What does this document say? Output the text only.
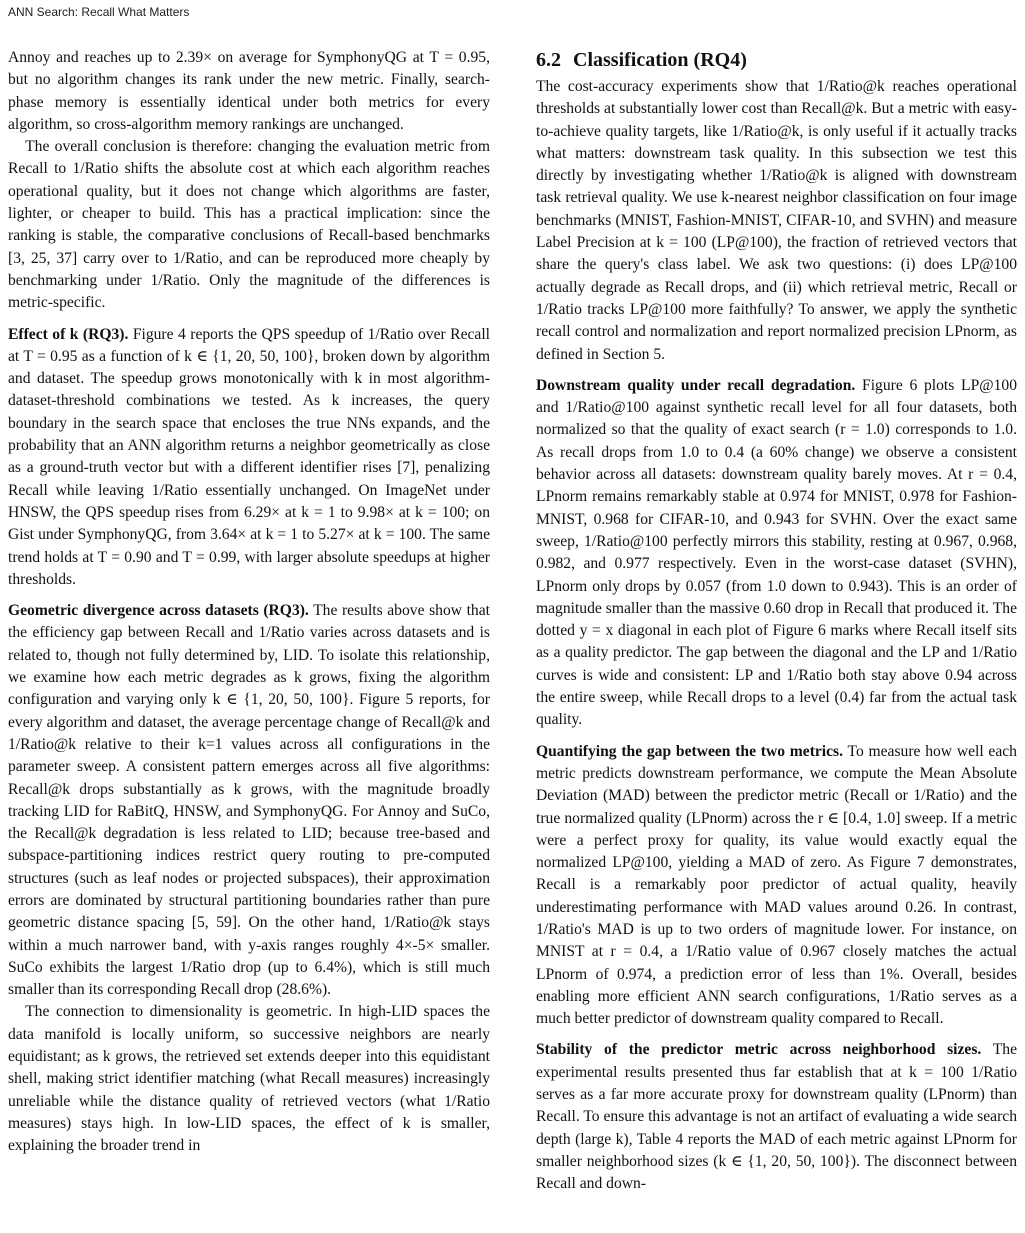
ANN Search: Recall What Matters

Annoy and reaches up to 2.39× on average for SymphonyQG at T = 0.95, but no algorithm changes its rank under the new metric. Finally, search-phase memory is essentially identical under both metrics for every algorithm, so cross-algorithm memory rankings are unchanged.

The overall conclusion is therefore: changing the evaluation metric from Recall to 1/Ratio shifts the absolute cost at which each algorithm reaches operational quality, but it does not change which algorithms are faster, lighter, or cheaper to build. This has a practical implication: since the ranking is stable, the comparative conclusions of Recall-based benchmarks [3, 25, 37] carry over to 1/Ratio, and can be reproduced more cheaply by benchmarking under 1/Ratio. Only the magnitude of the differences is metric-specific.

Effect of k (RQ3). Figure 4 reports the QPS speedup of 1/Ratio over Recall at T = 0.95 as a function of k ∈ {1, 20, 50, 100}, broken down by algorithm and dataset. The speedup grows monotonically with k in most algorithm-dataset-threshold combinations we tested. As k increases, the query boundary in the search space that encloses the true NNs expands, and the probability that an ANN algorithm returns a neighbor geometrically as close as a ground-truth vector but with a different identifier rises [7], penalizing Recall while leaving 1/Ratio essentially unchanged. On ImageNet under HNSW, the QPS speedup rises from 6.29× at k = 1 to 9.98× at k = 100; on Gist under SymphonyQG, from 3.64× at k = 1 to 5.27× at k = 100. The same trend holds at T = 0.90 and T = 0.99, with larger absolute speedups at higher thresholds.

Geometric divergence across datasets (RQ3). The results above show that the efficiency gap between Recall and 1/Ratio varies across datasets and is related to, though not fully determined by, LID. To isolate this relationship, we examine how each metric degrades as k grows, fixing the algorithm configuration and varying only k ∈ {1, 20, 50, 100}. Figure 5 reports, for every algorithm and dataset, the average percentage change of Recall@k and 1/Ratio@k relative to their k=1 values across all configurations in the parameter sweep. A consistent pattern emerges across all five algorithms: Recall@k drops substantially as k grows, with the magnitude broadly tracking LID for RaBitQ, HNSW, and SymphonyQG. For Annoy and SuCo, the Recall@k degradation is less related to LID; because tree-based and subspace-partitioning indices restrict query routing to pre-computed structures (such as leaf nodes or projected subspaces), their approximation errors are dominated by structural partitioning boundaries rather than pure geometric distance spacing [5, 59]. On the other hand, 1/Ratio@k stays within a much narrower band, with y-axis ranges roughly 4×-5× smaller. SuCo exhibits the largest 1/Ratio drop (up to 6.4%), which is still much smaller than its corresponding Recall drop (28.6%).

The connection to dimensionality is geometric. In high-LID spaces the data manifold is locally uniform, so successive neighbors are nearly equidistant; as k grows, the retrieved set extends deeper into this equidistant shell, making strict identifier matching (what Recall measures) increasingly unreliable while the distance quality of retrieved vectors (what 1/Ratio measures) stays high. In low-LID spaces, the effect of k is smaller, explaining the broader trend in

6.2 Classification (RQ4)

The cost-accuracy experiments show that 1/Ratio@k reaches operational thresholds at substantially lower cost than Recall@k. But a metric with easy-to-achieve quality targets, like 1/Ratio@k, is only useful if it actually tracks what matters: downstream task quality. In this subsection we test this directly by investigating whether 1/Ratio@k is aligned with downstream task retrieval quality. We use k-nearest neighbor classification on four image benchmarks (MNIST, Fashion-MNIST, CIFAR-10, and SVHN) and measure Label Precision at k = 100 (LP@100), the fraction of retrieved vectors that share the query's class label. We ask two questions: (i) does LP@100 actually degrade as Recall drops, and (ii) which retrieval metric, Recall or 1/Ratio tracks LP@100 more faithfully? To answer, we apply the synthetic recall control and normalization and report normalized precision LPnorm, as defined in Section 5.

Downstream quality under recall degradation. Figure 6 plots LP@100 and 1/Ratio@100 against synthetic recall level for all four datasets, both normalized so that the quality of exact search (r = 1.0) corresponds to 1.0. As recall drops from 1.0 to 0.4 (a 60% change) we observe a consistent behavior across all datasets: downstream quality barely moves. At r = 0.4, LPnorm remains remarkably stable at 0.974 for MNIST, 0.978 for Fashion-MNIST, 0.968 for CIFAR-10, and 0.943 for SVHN. Over the exact same sweep, 1/Ratio@100 perfectly mirrors this stability, resting at 0.967, 0.968, 0.982, and 0.977 respectively. Even in the worst-case dataset (SVHN), LPnorm only drops by 0.057 (from 1.0 down to 0.943). This is an order of magnitude smaller than the massive 0.60 drop in Recall that produced it. The dotted y = x diagonal in each plot of Figure 6 marks where Recall itself sits as a quality predictor. The gap between the diagonal and the LP and 1/Ratio curves is wide and consistent: LP and 1/Ratio both stay above 0.94 across the entire sweep, while Recall drops to a level (0.4) far from the actual task quality.

Quantifying the gap between the two metrics. To measure how well each metric predicts downstream performance, we compute the Mean Absolute Deviation (MAD) between the predictor metric (Recall or 1/Ratio) and the true normalized quality (LPnorm) across the r ∈ [0.4, 1.0] sweep. If a metric were a perfect proxy for quality, its value would exactly equal the normalized LP@100, yielding a MAD of zero. As Figure 7 demonstrates, Recall is a remarkably poor predictor of actual quality, heavily underestimating performance with MAD values around 0.26. In contrast, 1/Ratio's MAD is up to two orders of magnitude lower. For instance, on MNIST at r = 0.4, a 1/Ratio value of 0.967 closely matches the actual LPnorm of 0.974, a prediction error of less than 1%. Overall, besides enabling more efficient ANN search configurations, 1/Ratio serves as a much better predictor of downstream quality compared to Recall.

Stability of the predictor metric across neighborhood sizes. The experimental results presented thus far establish that at k = 100 1/Ratio serves as a far more accurate proxy for downstream quality (LPnorm) than Recall. To ensure this advantage is not an artifact of evaluating a wide search depth (large k), Table 4 reports the MAD of each metric against LPnorm for smaller neighborhood sizes (k ∈ {1, 20, 50, 100}). The disconnect between Recall and down-
